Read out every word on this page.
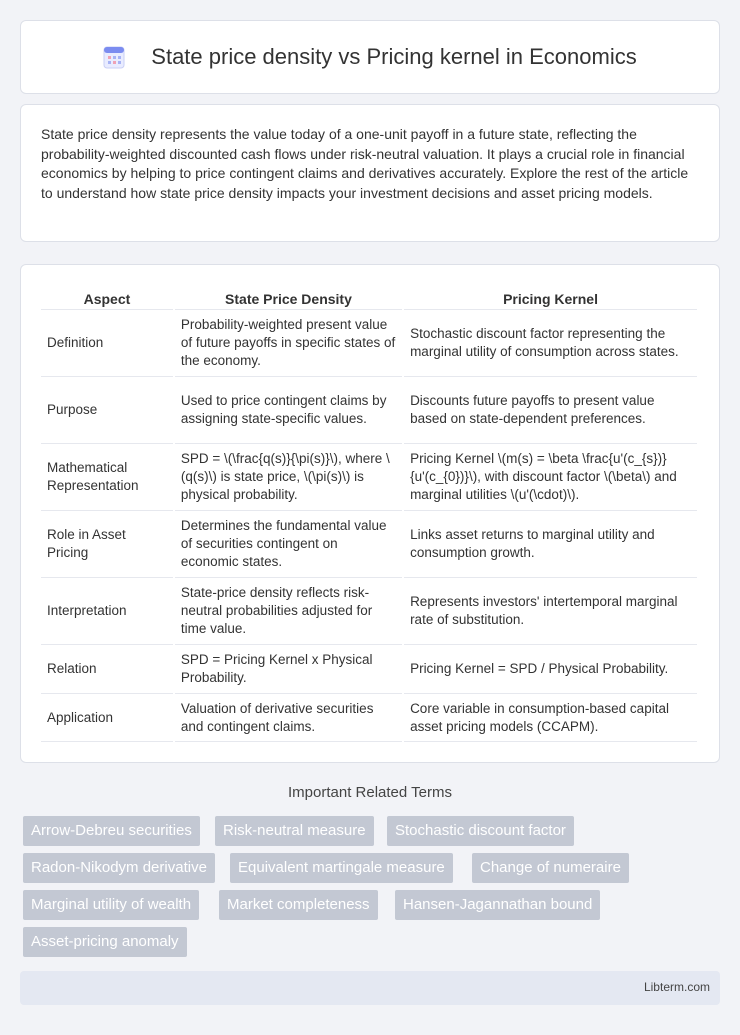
State price density vs Pricing kernel in Economics

State price density represents the value today of a one-unit payoff in a future state, reflecting the probability-weighted discounted cash flows under risk-neutral valuation. It plays a crucial role in financial economics by helping to price contingent claims and derivatives accurately. Explore the rest of the article to understand how state price density impacts your investment decisions and asset pricing models.

Aspect	State Price Density	Pricing Kernel
Definition	Probability-weighted present value of future payoffs in specific states of the economy.	Stochastic discount factor representing the marginal utility of consumption across states.
Purpose	Used to price contingent claims by assigning state-specific values.	Discounts future payoffs to present value based on state-dependent preferences.
Mathematical Representation	SPD = \(\frac{q(s)}{\pi(s)}\), where \(q(s)\) is state price, \(\pi(s)\) is physical probability.	Pricing Kernel \(m(s) = \beta \frac{u'(c_{s})}{u'(c_{0})}\), with discount factor \(\beta\) and marginal utilities \(u'(\cdot)\).
Role in Asset Pricing	Determines the fundamental value of securities contingent on economic states.	Links asset returns to marginal utility and consumption growth.
Interpretation	State-price density reflects risk-neutral probabilities adjusted for time value.	Represents investors' intertemporal marginal rate of substitution.
Relation	SPD = Pricing Kernel x Physical Probability.	Pricing Kernel = SPD / Physical Probability.
Application	Valuation of derivative securities and contingent claims.	Core variable in consumption-based capital asset pricing models (CCAPM).
Important Related Terms
Arrow-Debreu securities	Risk-neutral measure	Stochastic discount factor
Radon-Nikodym derivative	Equivalent martingale measure	Change of numeraire
Marginal utility of wealth	Market completeness	Hansen-Jagannathan bound
Asset-pricing anomaly
Libterm.com
